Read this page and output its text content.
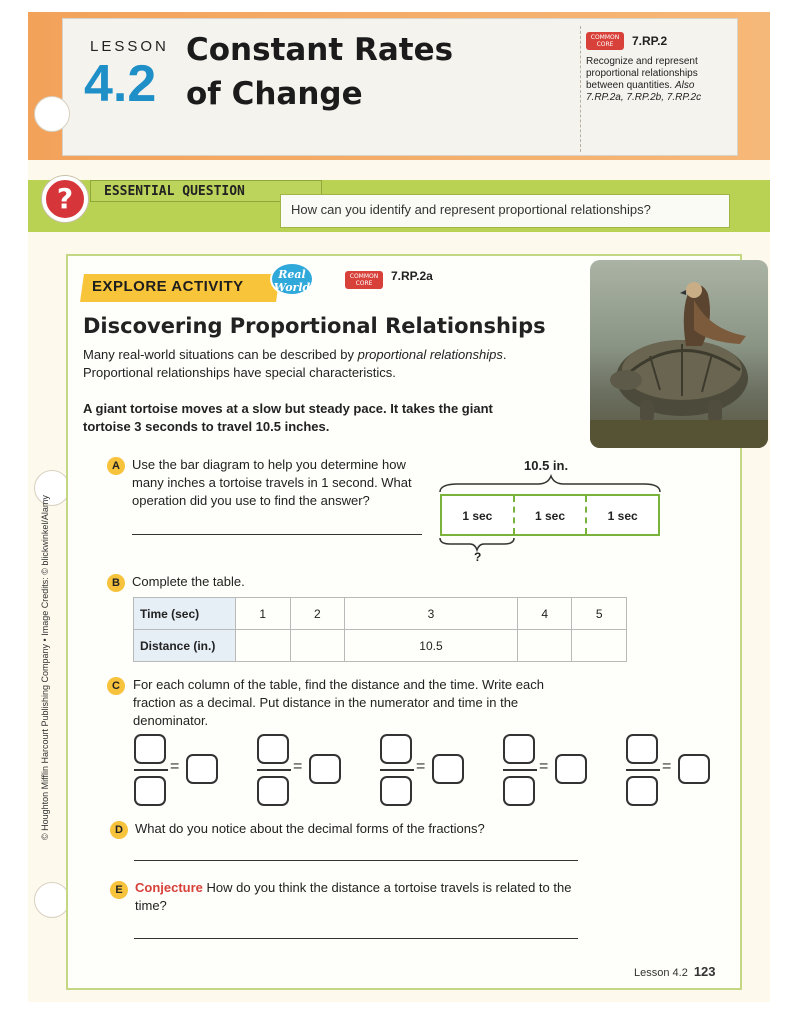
LESSON
4.2
Constant Rates of Change
COMMON CORE 7.RP.2
Recognize and represent proportional relationships between quantities. Also 7.RP.2a, 7.RP.2b, 7.RP.2c
ESSENTIAL QUESTION
How can you identify and represent proportional relationships?
?
EXPLORE ACTIVITY
Real World
COMMON CORE	7.RP.2a
Discovering Proportional Relationships
Many real-world situations can be described by proportional relationships. Proportional relationships have special characteristics.
A giant tortoise moves at a slow but steady pace. It takes the giant tortoise 3 seconds to travel 10.5 inches.
A Use the bar diagram to help you determine how many inches a tortoise travels in 1 second. What operation did you use to find the answer?
10.5 in.
1 sec	1 sec	1 sec
?
B Complete the table.
Time (sec)	1	2	3	4	5
Distance (in.)			10.5		
C	For each column of the table, find the distance and the time. Write each fraction as a decimal. Put distance in the numerator and time in the denominator.
=	=	=	=	=
D What do you notice about the decimal forms of the fractions?
E Conjecture How do you think the distance a tortoise travels is related to the time?
© Houghton Mifflin Harcourt Publishing Company • Image Credits: © blickwinkel/Alamy
Lesson 4.2 123
